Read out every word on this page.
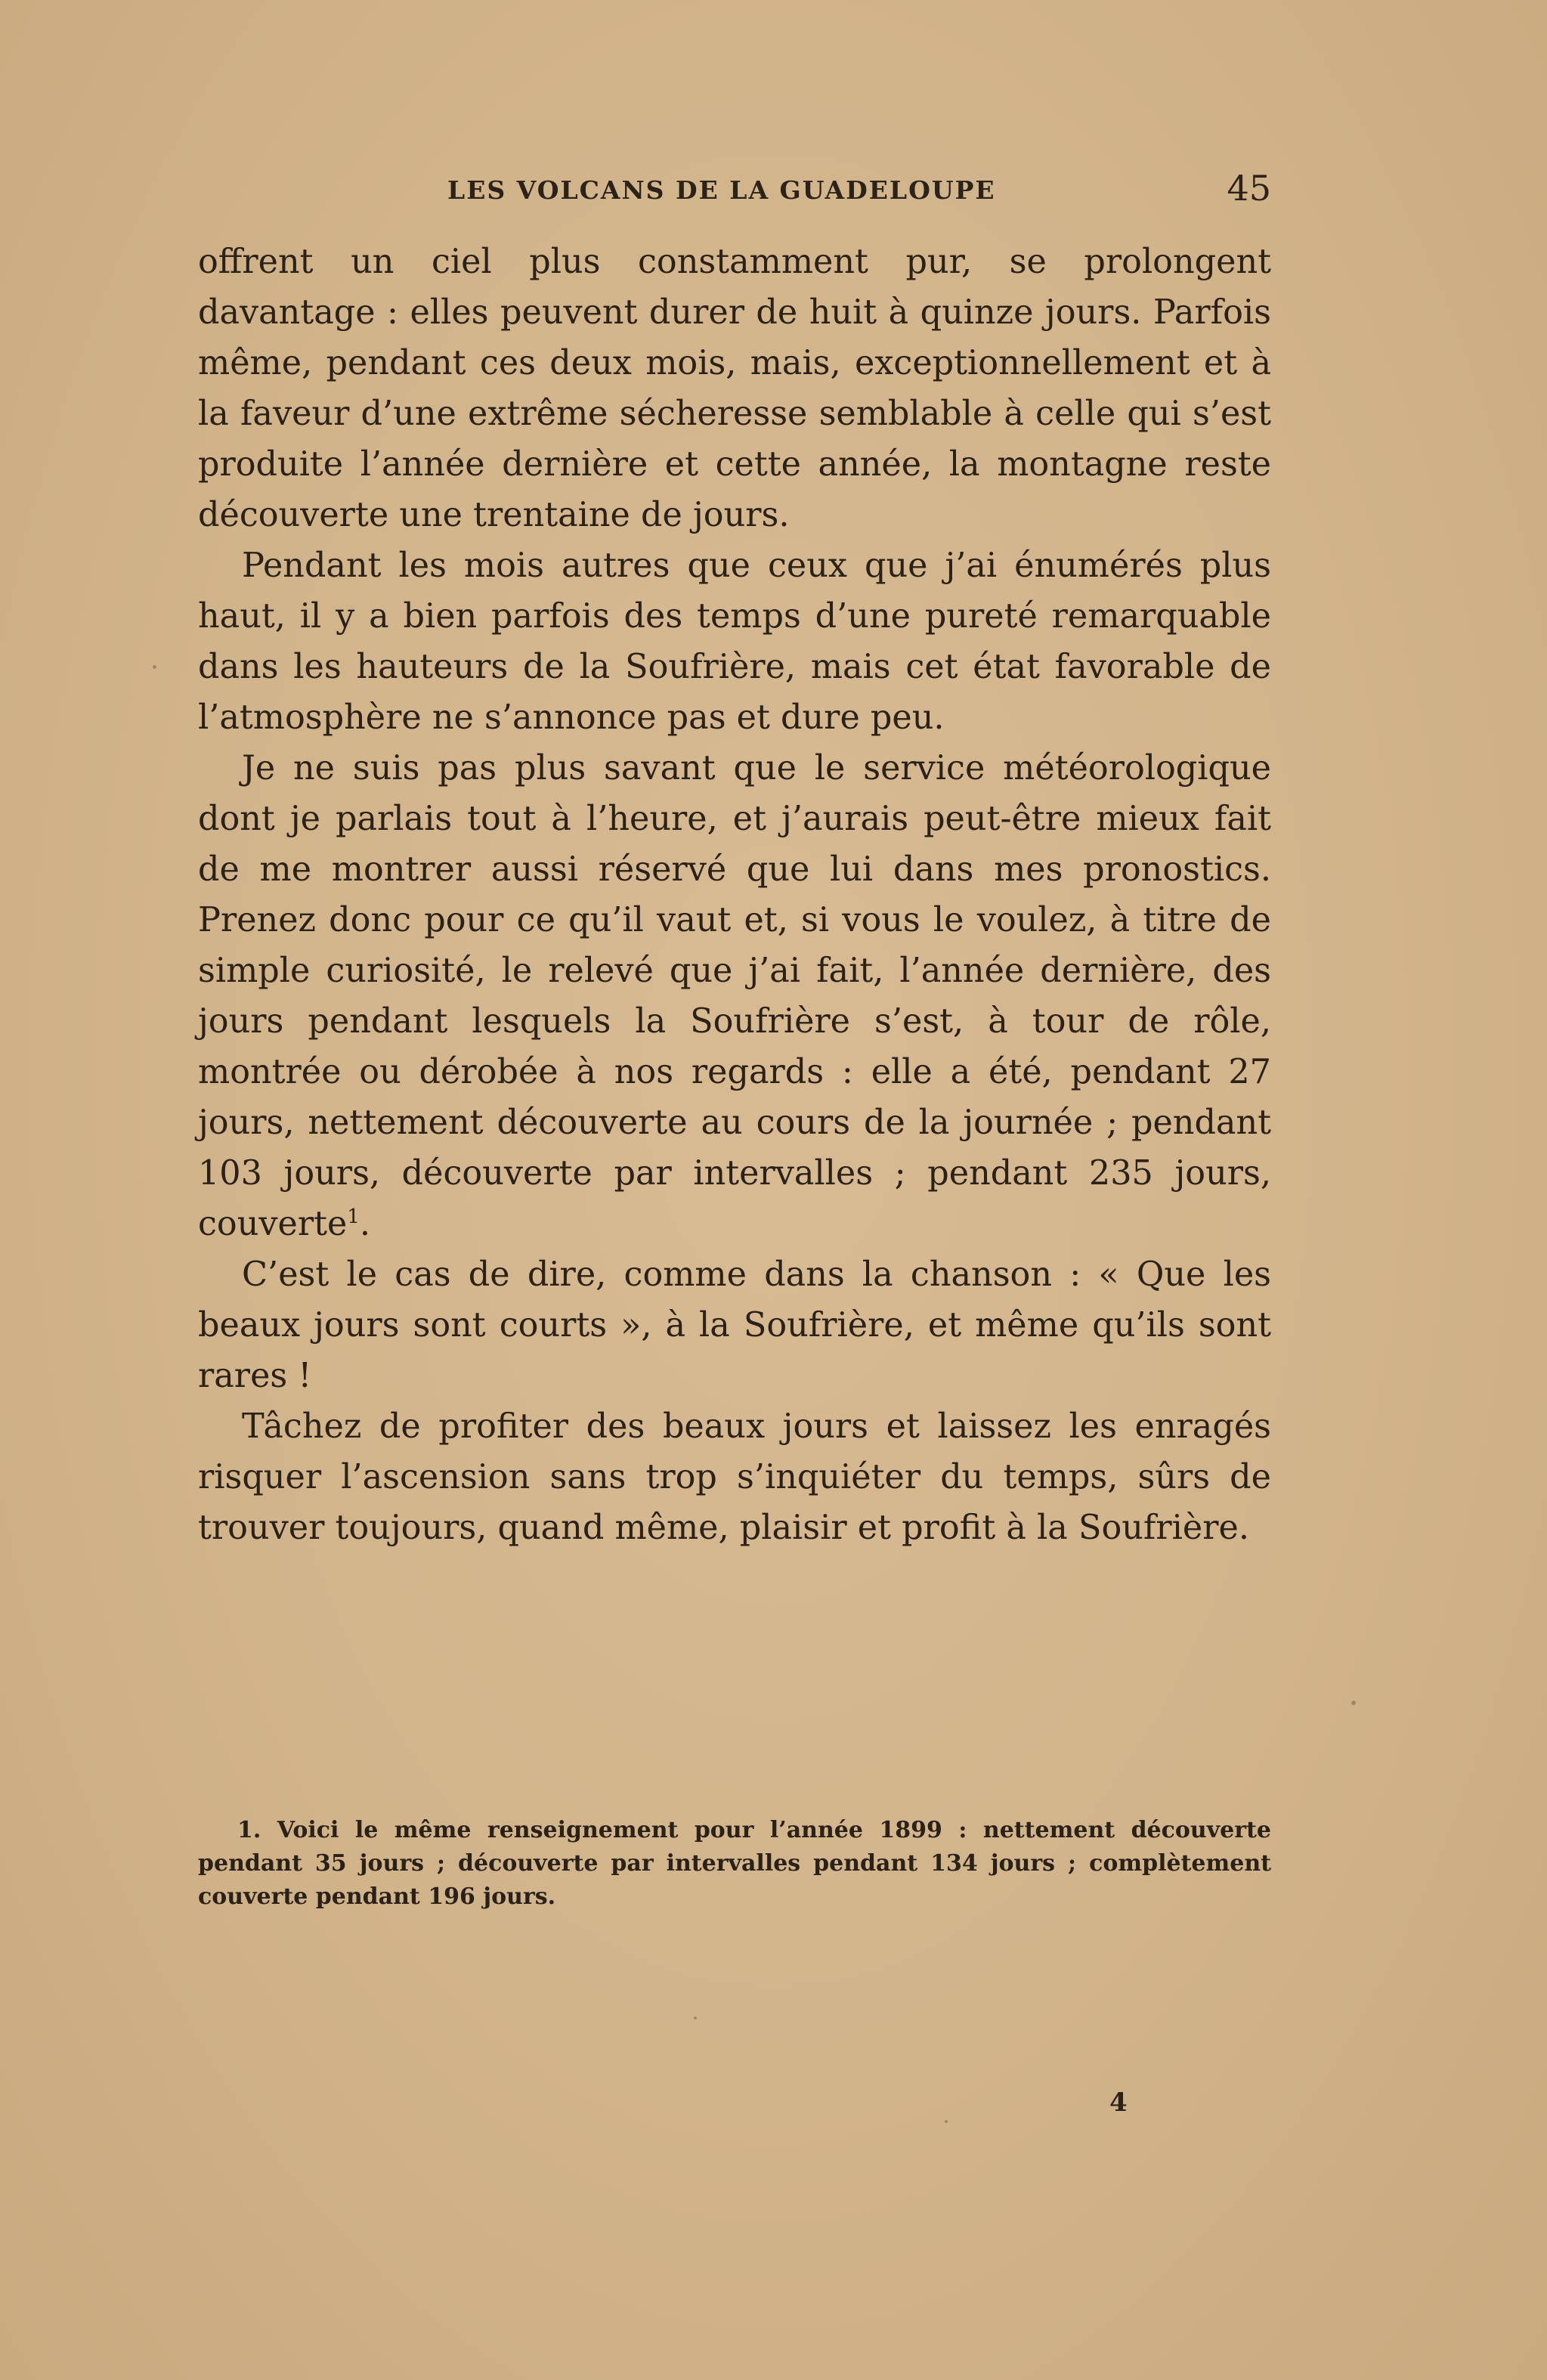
LES VOLCANS DE LA GUADELOUPE	45

offrent un ciel plus constamment pur, se prolongent davantage : elles peuvent durer de huit à quinze jours. Parfois même, pendant ces deux mois, mais, exceptionnellement et à la faveur d’une extrême sécheresse semblable à celle qui s’est produite l’année dernière et cette année, la montagne reste découverte une trentaine de jours.

Pendant les mois autres que ceux que j’ai énumérés plus haut, il y a bien parfois des temps d’une pureté remarquable dans les hauteurs de la Soufrière, mais cet état favorable de l’atmosphère ne s’annonce pas et dure peu.

Je ne suis pas plus savant que le service météorologique dont je parlais tout à l’heure, et j’aurais peut-être mieux fait de me montrer aussi réservé que lui dans mes pronostics. Prenez donc pour ce qu’il vaut et, si vous le voulez, à titre de simple curiosité, le relevé que j’ai fait, l’année dernière, des jours pendant lesquels la Soufrière s’est, à tour de rôle, montrée ou dérobée à nos regards : elle a été, pendant 27 jours, nettement découverte au cours de la journée ; pendant 103 jours, découverte par intervalles ; pendant 235 jours, couverte$^1$.

C’est le cas de dire, comme dans la chanson : « Que les beaux jours sont courts », à la Soufrière, et même qu’ils sont rares !

Tâchez de profiter des beaux jours et laissez les enragés risquer l’ascension sans trop s’inquiéter du temps, sûrs de trouver toujours, quand même, plaisir et profit à la Soufrière.

1. Voici le même renseignement pour l’année 1899 : nettement découverte pendant 35 jours ; découverte par intervalles pendant 134 jours ; complètement couverte pendant 196 jours.
4
